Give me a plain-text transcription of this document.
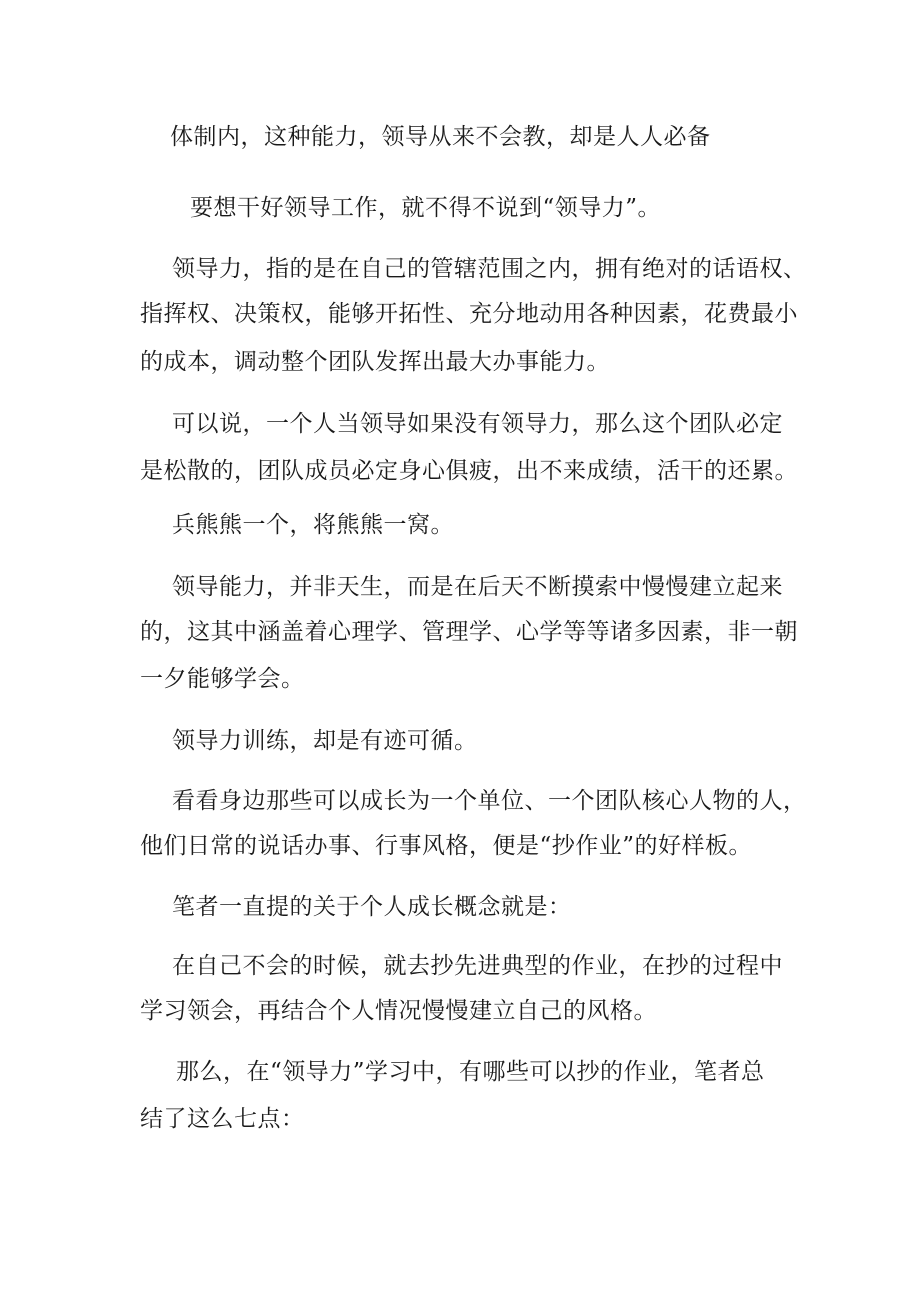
体制内，这种能力，领导从来不会教，却是人人必备
要想干好领导工作，就不得不说到“领导力”。
领导力，指的是在自己的管辖范围之内，拥有绝对的话语权、
指挥权、决策权，能够开拓性、充分地动用各种因素，花费最小
的成本，调动整个团队发挥出最大办事能力。
可以说，一个人当领导如果没有领导力，那么这个团队必定
是松散的，团队成员必定身心俱疲，出不来成绩，活干的还累。
兵熊熊一个，将熊熊一窝。
领导能力，并非天生，而是在后天不断摸索中慢慢建立起来
的，这其中涵盖着心理学、管理学、心学等等诸多因素，非一朝
一夕能够学会。
领导力训练，却是有迹可循。
看看身边那些可以成长为一个单位、一个团队核心人物的人，
他们日常的说话办事、行事风格，便是“抄作业”的好样板。
笔者一直提的关于个人成长概念就是：
在自己不会的时候，就去抄先进典型的作业，在抄的过程中
学习领会，再结合个人情况慢慢建立自己的风格。
那么，在“领导力”学习中，有哪些可以抄的作业，笔者总
结了这么七点：
